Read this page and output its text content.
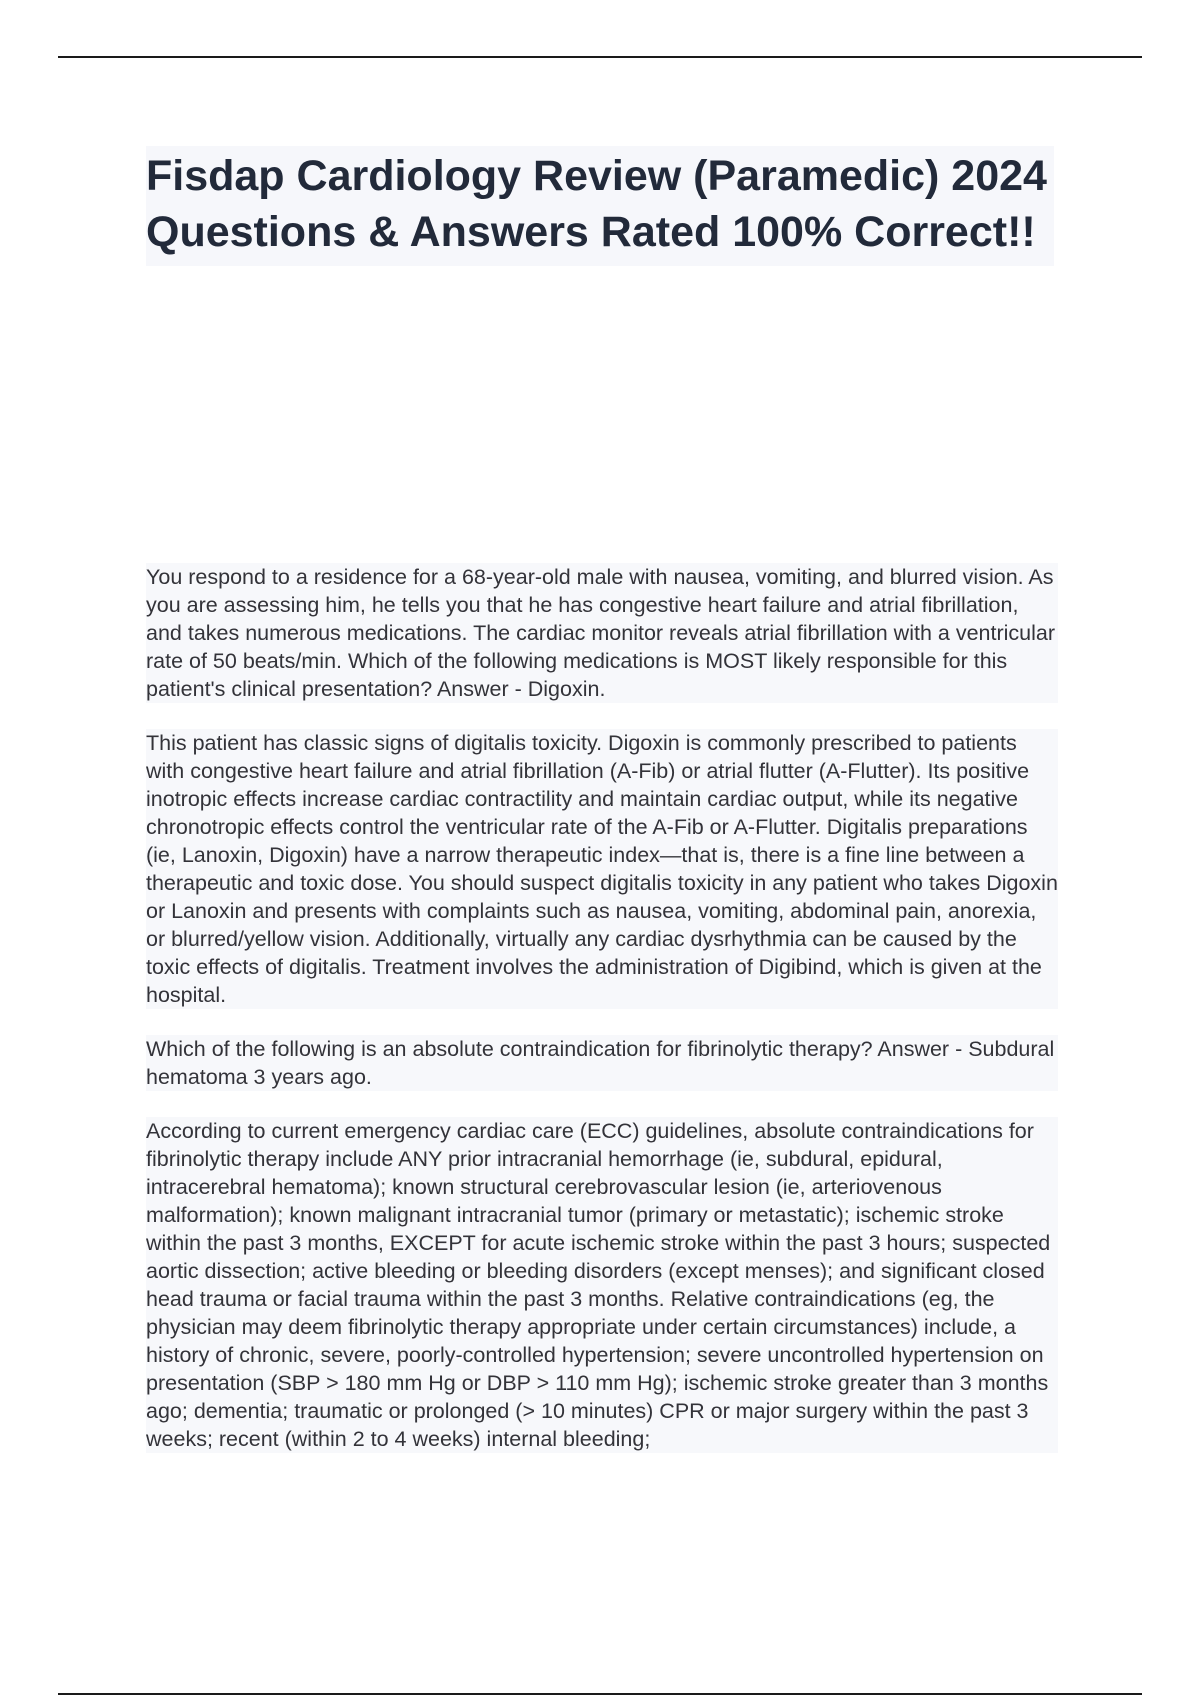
Fisdap Cardiology Review (Paramedic) 2024 Questions & Answers Rated 100% Correct!!

You respond to a residence for a 68-year-old male with nausea, vomiting, and blurred vision. As you are assessing him, he tells you that he has congestive heart failure and atrial fibrillation, and takes numerous medications. The cardiac monitor reveals atrial fibrillation with a ventricular rate of 50 beats/min. Which of the following medications is MOST likely responsible for this patient's clinical presentation? Answer - Digoxin.

This patient has classic signs of digitalis toxicity. Digoxin is commonly prescribed to patients with congestive heart failure and atrial fibrillation (A-Fib) or atrial flutter (A-Flutter). Its positive inotropic effects increase cardiac contractility and maintain cardiac output, while its negative chronotropic effects control the ventricular rate of the A-Fib or A-Flutter. Digitalis preparations (ie, Lanoxin, Digoxin) have a narrow therapeutic index—that is, there is a fine line between a therapeutic and toxic dose. You should suspect digitalis toxicity in any patient who takes Digoxin or Lanoxin and presents with complaints such as nausea, vomiting, abdominal pain, anorexia, or blurred/yellow vision. Additionally, virtually any cardiac dysrhythmia can be caused by the toxic effects of digitalis. Treatment involves the administration of Digibind, which is given at the hospital.

Which of the following is an absolute contraindication for fibrinolytic therapy? Answer - Subdural hematoma 3 years ago.

According to current emergency cardiac care (ECC) guidelines, absolute contraindications for fibrinolytic therapy include ANY prior intracranial hemorrhage (ie, subdural, epidural, intracerebral hematoma); known structural cerebrovascular lesion (ie, arteriovenous malformation); known malignant intracranial tumor (primary or metastatic); ischemic stroke within the past 3 months, EXCEPT for acute ischemic stroke within the past 3 hours; suspected aortic dissection; active bleeding or bleeding disorders (except menses); and significant closed head trauma or facial trauma within the past 3 months. Relative contraindications (eg, the physician may deem fibrinolytic therapy appropriate under certain circumstances) include, a history of chronic, severe, poorly-controlled hypertension; severe uncontrolled hypertension on presentation (SBP > 180 mm Hg or DBP > 110 mm Hg); ischemic stroke greater than 3 months ago; dementia; traumatic or prolonged (> 10 minutes) CPR or major surgery within the past 3 weeks; recent (within 2 to 4 weeks) internal bleeding;
